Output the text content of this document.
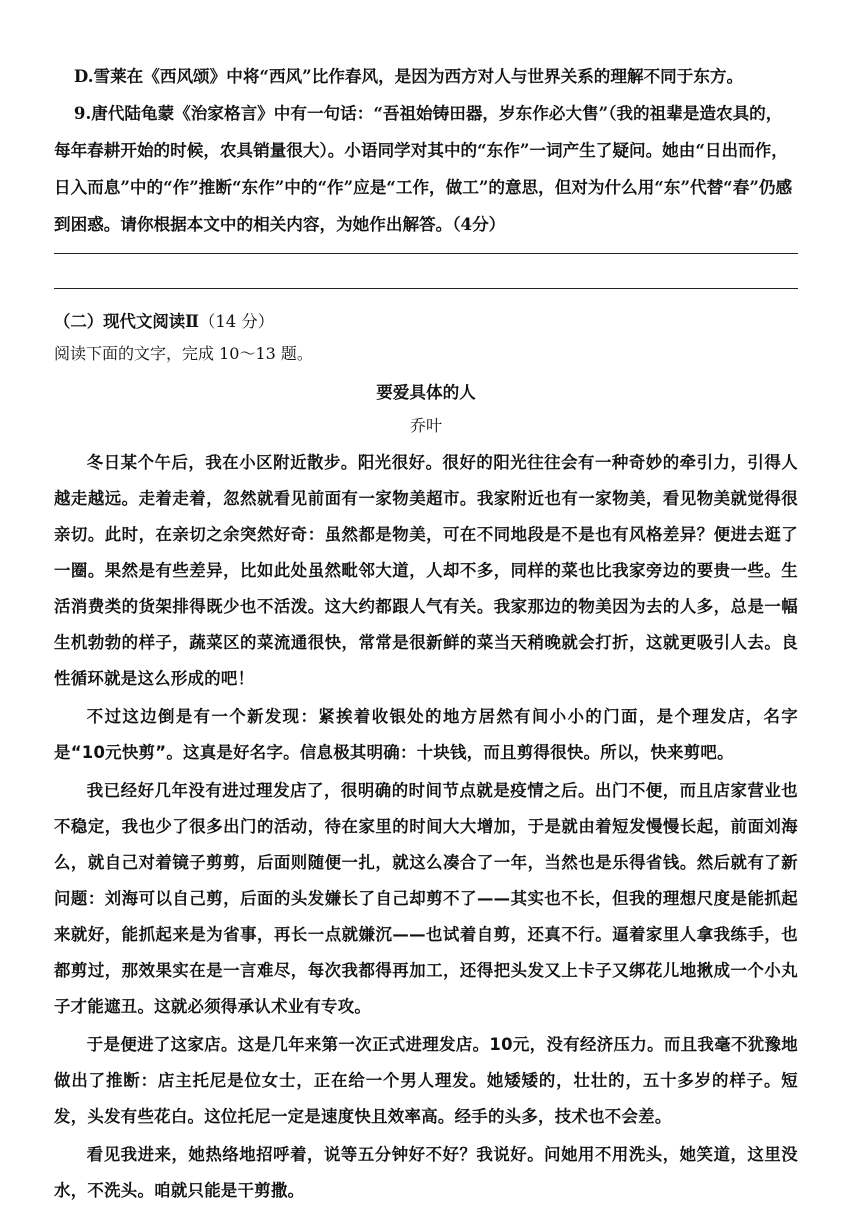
D.雪莱在《西风颂》中将“西风”比作春风，是因为西方对人与世界关系的理解不同于东方。

9.唐代陆龟蒙《治家格言》中有一句话：“吾祖始铸田器，岁东作必大售”（我的祖辈是造农具的，每年春耕开始的时候，农具销量很大）。小语同学对其中的“东作”一词产生了疑问。她由“日出而作，日入而息”中的“作”推断“东作”中的“作”应是“工作，做工”的意思，但对为什么用“东”代替“春”仍感到困惑。请你根据本文中的相关内容，为她作出解答。（4分）

（二）现代文阅读Ⅱ（14 分）

阅读下面的文字，完成 10～13 题。

要爱具体的人

乔叶

冬日某个午后，我在小区附近散步。阳光很好。很好的阳光往往会有一种奇妙的牵引力，引得人越走越远。走着走着，忽然就看见前面有一家物美超市。我家附近也有一家物美，看见物美就觉得很亲切。此时，在亲切之余突然好奇：虽然都是物美，可在不同地段是不是也有风格差异？便进去逛了一圈。果然是有些差异，比如此处虽然毗邻大道，人却不多，同样的菜也比我家旁边的要贵一些。生活消费类的货架排得既少也不活泼。这大约都跟人气有关。我家那边的物美因为去的人多，总是一幅生机勃勃的样子，蔬菜区的菜流通很快，常常是很新鲜的菜当天稍晚就会打折，这就更吸引人去。良性循环就是这么形成的吧！

不过这边倒是有一个新发现：紧挨着收银处的地方居然有间小小的门面，是个理发店，名字是“10元快剪”。这真是好名字。信息极其明确：十块钱，而且剪得很快。所以，快来剪吧。

我已经好几年没有进过理发店了，很明确的时间节点就是疫情之后。出门不便，而且店家营业也不稳定，我也少了很多出门的活动，待在家里的时间大大增加，于是就由着短发慢慢长起，前面刘海么，就自己对着镜子剪剪，后面则随便一扎，就这么凑合了一年，当然也是乐得省钱。然后就有了新问题：刘海可以自己剪，后面的头发嫌长了自己却剪不了——其实也不长，但我的理想尺度是能抓起来就好，能抓起来是为省事，再长一点就嫌沉——也试着自剪，还真不行。逼着家里人拿我练手，也都剪过，那效果实在是一言难尽，每次我都得再加工，还得把头发又上卡子又绑花儿地揪成一个小丸子才能遮丑。这就必须得承认术业有专攻。

于是便进了这家店。这是几年来第一次正式进理发店。10元，没有经济压力。而且我毫不犹豫地做出了推断：店主托尼是位女士，正在给一个男人理发。她矮矮的，壮壮的，五十多岁的样子。短发，头发有些花白。这位托尼一定是速度快且效率高。经手的头多，技术也不会差。

看见我进来，她热络地招呼着，说等五分钟好不好？我说好。问她用不用洗头，她笑道，这里没水，不洗头。咱就只能是干剪撒。
